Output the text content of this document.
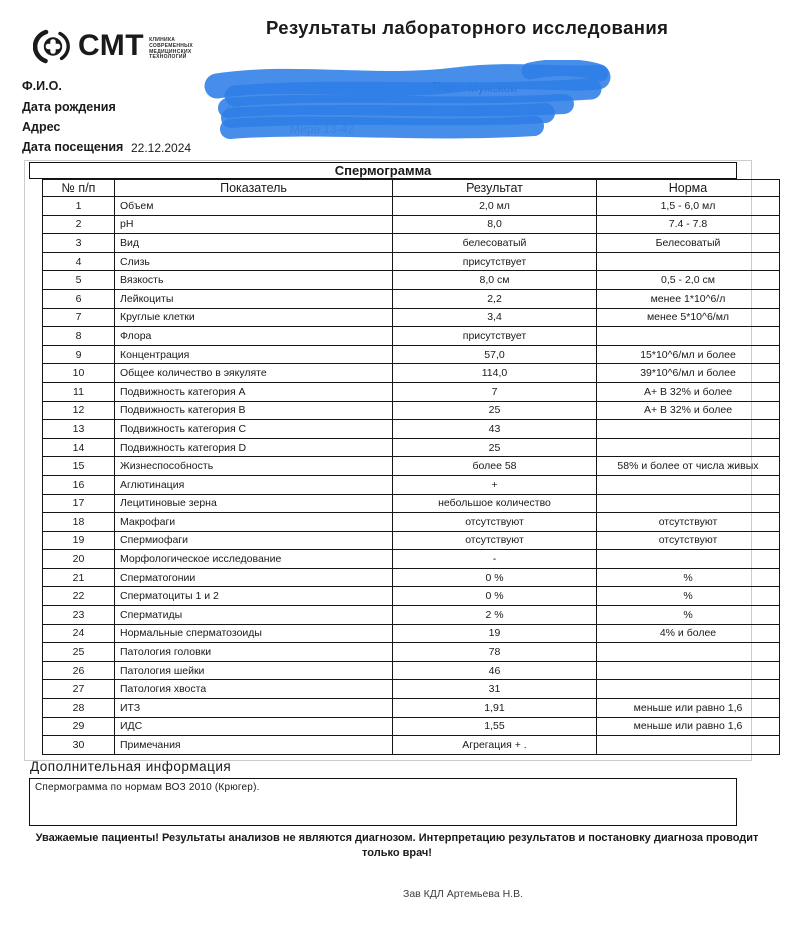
Результаты лабораторного исследования
СМТ КЛИНИКА
СОВРЕМЕННЫХ
МЕДИЦИНСКИХ
ТЕХНОЛОГИЙ
Ф.И.О.
Дата рождения
Адрес
Дата посещения 22.12.2024
Пол Мужской
06
Мира 13-42
Спермограмма
№ п/п	Показатель	Результат	Норма
1	Объем	2,0 мл	1,5 - 6,0 мл
2	pH	8,0	7.4 - 7.8
3	Вид	белесоватый	Белесоватый
4	Слизь	присутствует	
5	Вязкость	8,0 см	0,5 - 2,0 см
6	Лейкоциты	2,2	менее 1*10^6/л
7	Круглые клетки	3,4	менее 5*10^6/мл
8	Флора	присутствует	
9	Концентрация	57,0	15*10^6/мл и более
10	Общее количество в эякуляте	114,0	39*10^6/мл и более
11	Подвижность категория A	7	А+ В 32% и более
12	Подвижность категория B	25	А+ В 32% и более
13	Подвижность категория C	43	
14	Подвижность категория D	25	
15	Жизнеспособность	более 58	58% и более от числа живых
16	Аглютинация	+	
17	Лецитиновые зерна	небольшое количество	
18	Макрофаги	отсутствуют	отсутствуют
19	Спермиофаги	отсутствуют	отсутствуют
20	Морфологическое исследование	-	
21	Сперматогонии	0 %	%
22	Сперматоциты 1 и 2	0 %	%
23	Сперматиды	2 %	%
24	Нормальные сперматозоиды	19	4% и более
25	Патология головки	78	
26	Патология шейки	46	
27	Патология хвоста	31	
28	ИТЗ	1,91	меньше или равно 1,6
29	ИДС	1,55	меньше или равно 1,6
30	Примечания	Агрегация + .	
Дополнительная информация
Спермограмма по нормам ВОЗ 2010 (Крюгер).
Уважаемые пациенты! Результаты анализов не являются диагнозом. Интерпретацию результатов и постановку диагноза проводит только врач!
Зав КДЛ Артемьева Н.В.
